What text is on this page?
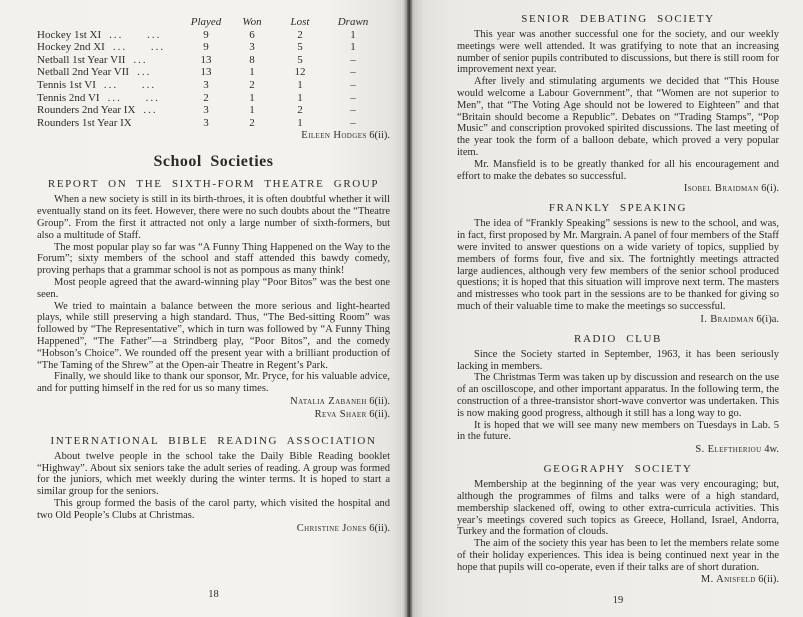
Played	Won	Lost	Drawn
Hockey 1st XI ...     ...	9	6	2	1
Hockey 2nd XI ...     ...	9	3	5	1
Netball 1st Year VII ...	13	8	5	–
Netball 2nd Year VII ...	13	1	12	–
Tennis 1st VI ...     ...	3	2	1	–
Tennis 2nd VI ...     ...	2	1	1	–
Rounders 2nd Year IX ...	3	1	2	–
Rounders 1st Year IX	3	2	1	–
Eileen Hodges 6(ii).
School Societies
REPORT ON THE SIXTH-FORM THEATRE GROUP

When a new society is still in its birth-throes, it is often doubtful whether it will eventually stand on its feet. However, there were no such doubts about the “Theatre Group”. From the first it attracted not only a large number of sixth-formers, but also a multitude of Staff.

The most popular play so far was “A Funny Thing Happened on the Way to the Forum”; sixty members of the school and staff attended this bawdy comedy, proving perhaps that a grammar school is not as pompous as many think!

Most people agreed that the award-winning play “Poor Bitos” was the best one seen.

We tried to maintain a balance between the more serious and light-hearted plays, while still preserving a high standard. Thus, “The Bed-sitting Room” was followed by “The Representative”, which in turn was followed by “A Funny Thing Happened”, “The Father”—a Strindberg play, “Poor Bitos”, and the comedy “Hobson’s Choice”. We rounded off the present year with a brilliant production of “The Taming of the Shrew” at the Open-air Theatre in Regent’s Park.

Finally, we should like to thank our sponsor, Mr. Pryce, for his valuable advice, and for putting himself in the red for us so many times.

Natalia Zabaneh 6(ii).
Reva Shaer 6(ii).
INTERNATIONAL BIBLE READING ASSOCIATION

About twelve people in the school take the Daily Bible Reading booklet “Highway”. About six seniors take the adult series of reading. A group was formed for the juniors, which met weekly during the winter terms. It is hoped to start a similar group for the seniors.

This group formed the basis of the carol party, which visited the hospital and two Old People’s Clubs at Christmas.

Christine Jones 6(ii).
18
SENIOR DEBATING SOCIETY

This year was another successful one for the society, and our weekly meetings were well attended. It was gratifying to note that an increasing number of senior pupils contributed to discussions, but there is still room for improvement next year.

After lively and stimulating arguments we decided that “This House would welcome a Labour Government”, that “Women are not superior to Men”, that “The Voting Age should not be lowered to Eighteen” and that “Britain should become a Republic”. Debates on “Trading Stamps”, “Pop Music” and conscription provoked spirited discussions. The last meeting of the year took the form of a balloon debate, which proved a very popular item.

Mr. Mansfield is to be greatly thanked for all his encouragement and effort to make the debates so successful.

Isobel Braidman 6(i).
FRANKLY SPEAKING

The idea of “Frankly Speaking” sessions is new to the school, and was, in fact, first proposed by Mr. Margrain. A panel of four members of the Staff were invited to answer questions on a wide variety of topics, supplied by members of forms four, five and six. The fortnightly meetings attracted large audiences, although very few members of the senior school produced questions; it is hoped that this situation will improve next term. The masters and mistresses who took part in the sessions are to be thanked for giving so much of their valuable time to make the meetings so successful.

I. Braidman 6(i)a.
RADIO CLUB

Since the Society started in September, 1963, it has been seriously lacking in members.

The Christmas Term was taken up by discussion and research on the use of an oscilloscope, and other important apparatus. In the following term, the construction of a three-transistor short-wave convertor was undertaken. This is now making good progress, although it still has a long way to go.

It is hoped that we will see many new members on Tuesdays in Lab. 5 in the future.

S. Eleftheriou 4w.
GEOGRAPHY SOCIETY

Membership at the beginning of the year was very encouraging; but, although the programmes of films and talks were of a high standard, membership slackened off, owing to other extra-curricula activities. This year’s meetings covered such topics as Greece, Holland, Israel, Andorra, Turkey and the formation of clouds.

The aim of the society this year has been to let the members relate some of their holiday experiences. This idea is being continued next year in the hope that pupils will co-operate, even if their talks are of short duration.

M. Anisfeld 6(ii).
19
